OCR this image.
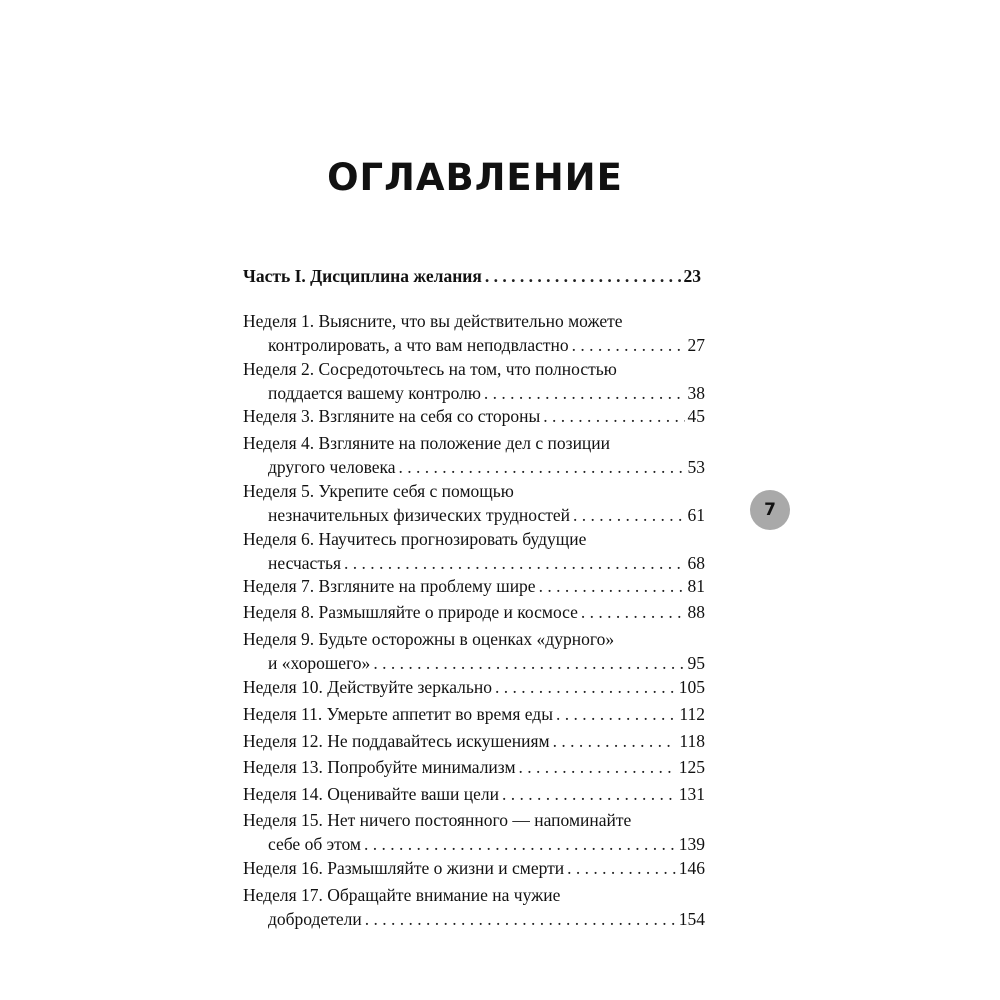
ОГЛАВЛЕНИЕ
Часть I. Дисциплина желания . . .	23
Неделя 1. Выясните, что вы действительно можете
контролировать, а что вам неподвластно . . .	27
Неделя 2. Сосредоточьтесь на том, что полностью
поддается вашему контролю . . .	38
Неделя 3. Взгляните на себя со стороны . . .	45
Неделя 4. Взгляните на положение дел с позиции
другого человека . . .	53
Неделя 5. Укрепите себя с помощью
незначительных физических трудностей . . .	61
Неделя 6. Научитесь прогнозировать будущие
несчастья . . .	68
Неделя 7. Взгляните на проблему шире . . .	81
Неделя 8. Размышляйте о природе и космосе . . .	88
Неделя 9. Будьте осторожны в оценках «дурного»
и «хорошего» . . .	95
Неделя 10. Действуйте зеркально . . .	105
Неделя 11. Умерьте аппетит во время еды . . .	112
Неделя 12. Не поддавайтесь искушениям . . .	118
Неделя 13. Попробуйте минимализм . . .	125
Неделя 14. Оценивайте ваши цели . . .	131
Неделя 15. Нет ничего постоянного — напоминайте
себе об этом . . .	139
Неделя 16. Размышляйте о жизни и смерти . . .	146
Неделя 17. Обращайте внимание на чужие
добродетели . . .	154
7
